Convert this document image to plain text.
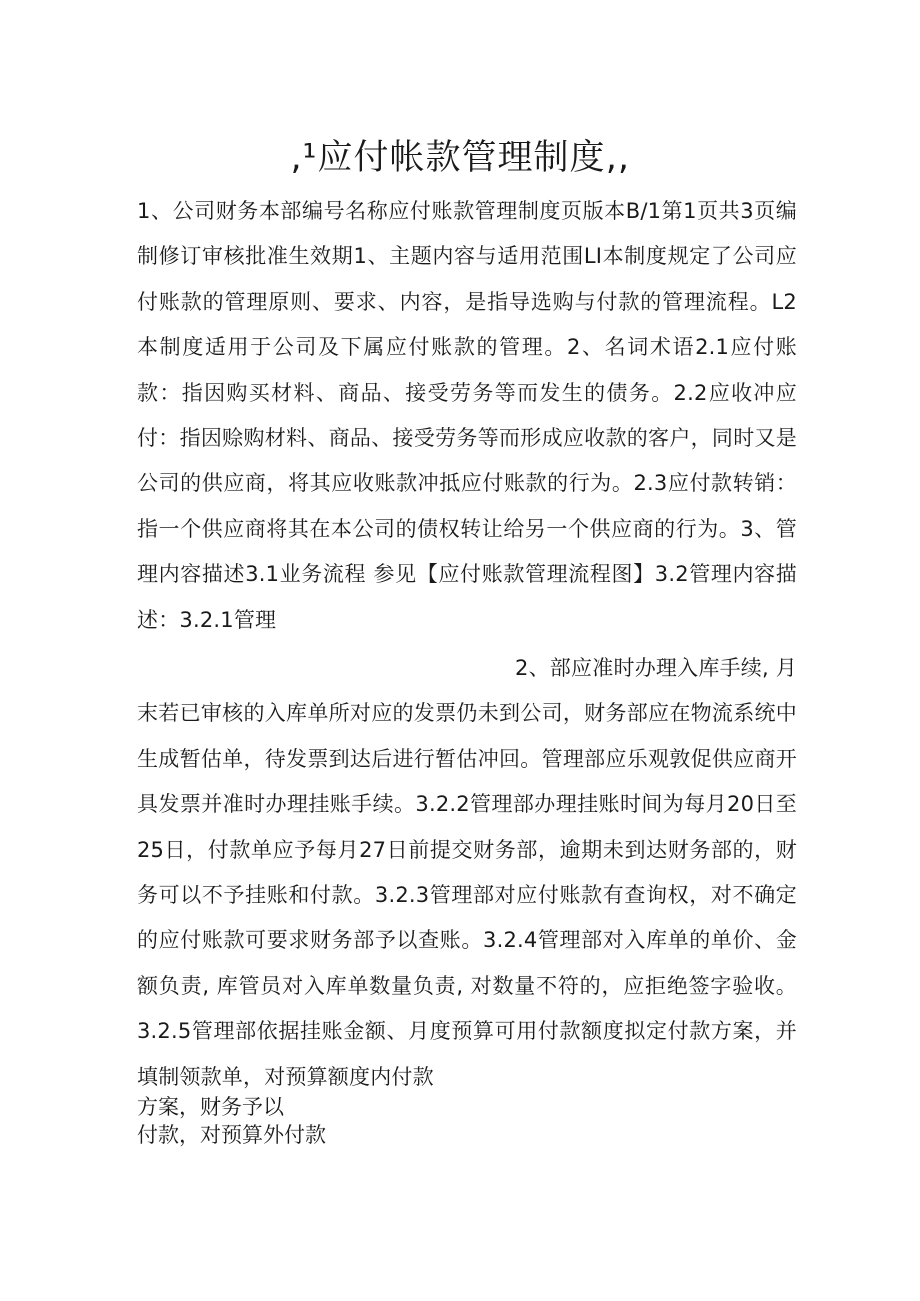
‚¹应付帐款管理制度‚‚
1、公司财务本部编号名称应付账款管理制度页版本B/1第1页共3页编制修订审核批准生效期1、主题内容与适用范围LI本制度规定了公司应付账款的管理原则、要求、内容，是指导选购与付款的管理流程。L2本制度适用于公司及下属应付账款的管理。2、名词术语2.1应付账款：指因购买材料、商品、接受劳务等而发生的债务。2.2应收冲应付：指因赊购材料、商品、接受劳务等而形成应收款的客户，同时又是公司的供应商，将其应收账款冲抵应付账款的行为。2.3应付款转销：指一个供应商将其在本公司的债权转让给另一个供应商的行为。3、管理内容描述3.1业务流程 参见【应付账款管理流程图】3.2管理内容描述：3.2.1管理
2、部应准时办理入库手续, 月末若已审核的入库单所对应的发票仍未到公司，财务部应在物流系统中生成暂估单，待发票到达后进行暂估冲回。管理部应乐观敦促供应商开具发票并准时办理挂账手续。3.2.2管理部办理挂账时间为每月20日至25日，付款单应予每月27日前提交财务部，逾期未到达财务部的，财务可以不予挂账和付款。3.2.3管理部对应付账款有查询权，对不确定的应付账款可要求财务部予以查账。3.2.4管理部对入库单的单价、金额负责, 库管员对入库单数量负责, 对数量不符的，应拒绝签字验收。3.2.5管理部依据挂账金额、月度预算可用付款额度拟定付款方案，并填制领款单，对预算额度内付款
方案，财务予以
付款，对预算外付款
